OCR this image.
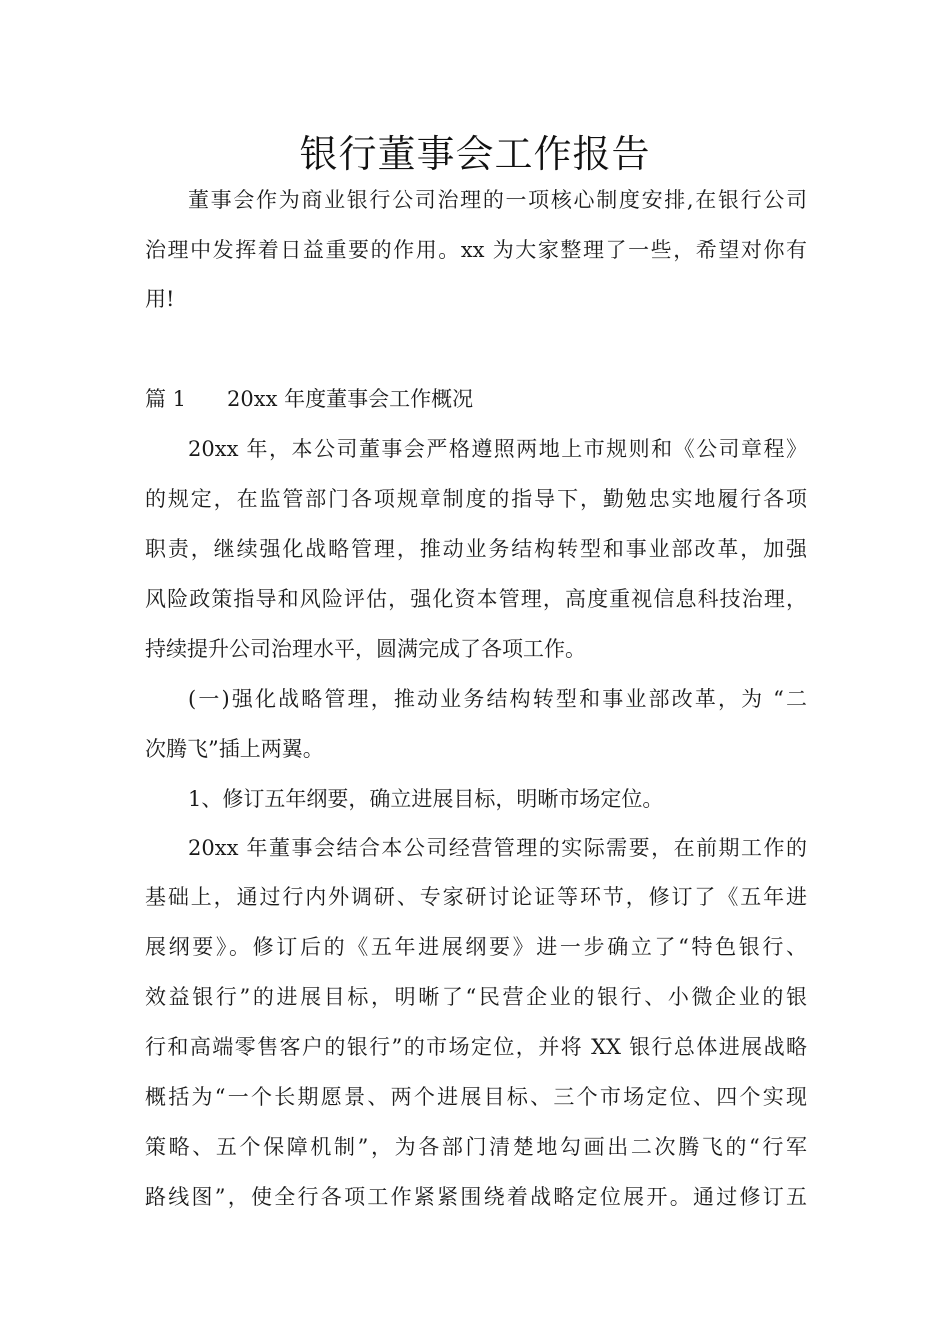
银行董事会工作报告
董事会作为商业银行公司治理的一项核心制度安排,在银行公司
治理中发挥着日益重要的作用。xx 为大家整理了一些，希望对你有
用!
篇 1 20xx 年度董事会工作概况
20xx 年，本公司董事会严格遵照两地上市规则和《公司章程》
的规定，在监管部门各项规章制度的指导下，勤勉忠实地履行各项
职责，继续强化战略管理，推动业务结构转型和事业部改革，加强
风险政策指导和风险评估，强化资本管理，高度重视信息科技治理，
持续提升公司治理水平，圆满完成了各项工作。
(一)强化战略管理，推动业务结构转型和事业部改革，为 “二
次腾飞”插上两翼。
1、修订五年纲要，确立进展目标，明晰市场定位。
20xx 年董事会结合本公司经营管理的实际需要，在前期工作的
基础上，通过行内外调研、专家研讨论证等环节，修订了《五年进
展纲要》。修订后的《五年进展纲要》进一步确立了“特色银行、
效益银行”的进展目标，明晰了“民营企业的银行、小微企业的银
行和高端零售客户的银行”的市场定位，并将 XX 银行总体进展战略
概括为“一个长期愿景、两个进展目标、三个市场定位、四个实现
策略、五个保障机制”，为各部门清楚地勾画出二次腾飞的“行军
路线图”，使全行各项工作紧紧围绕着战略定位展开。通过修订五
